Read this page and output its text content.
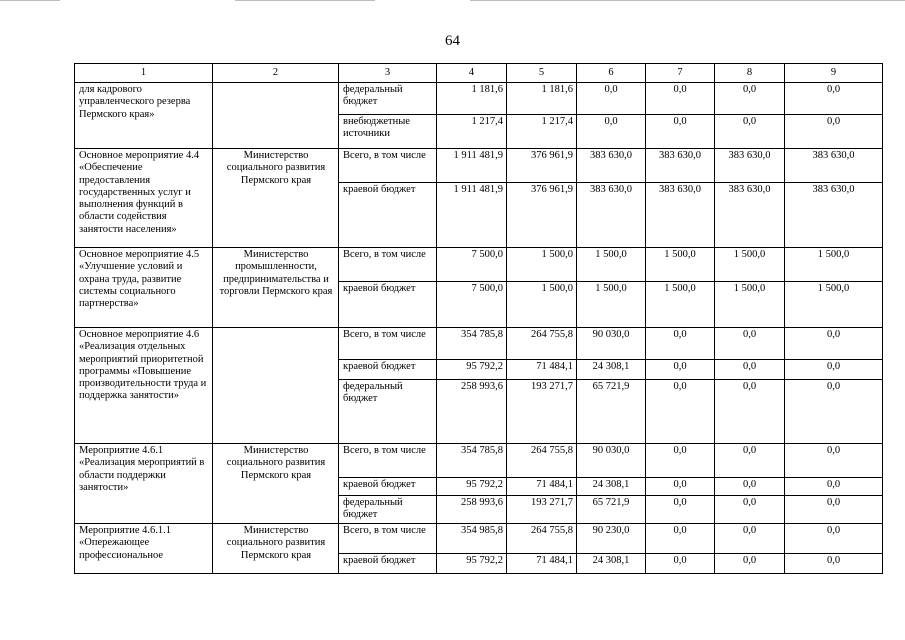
64
1	2	3	4	5	6	7	8	9
для кадрового управленческого резерва Пермского края»		федеральный бюджет	1 181,6	1 181,6	0,0	0,0	0,0	0,0
		внебюджетные источники	1 217,4	1 217,4	0,0	0,0	0,0	0,0
Основное мероприятие 4.4 «Обеспечение предоставления государственных услуг и выполнения функций в области содействия занятости населения»	Министерство социального развития Пермского края	Всего, в том числе	1 911 481,9	376 961,9	383 630,0	383 630,0	383 630,0	383 630,0
		краевой бюджет	1 911 481,9	376 961,9	383 630,0	383 630,0	383 630,0	383 630,0
Основное мероприятие 4.5 «Улучшение условий и охрана труда, развитие системы социального партнерства»	Министерство промышленности, предпринимательства и торговли Пермского края	Всего, в том числе	7 500,0	1 500,0	1 500,0	1 500,0	1 500,0	1 500,0
		краевой бюджет	7 500,0	1 500,0	1 500,0	1 500,0	1 500,0	1 500,0
Основное мероприятие 4.6 «Реализация отдельных мероприятий приоритетной программы «Повышение производительности труда и поддержка занятости»		Всего, в том числе	354 785,8	264 755,8	90 030,0	0,0	0,0	0,0
		краевой бюджет	95 792,2	71 484,1	24 308,1	0,0	0,0	0,0
		федеральный бюджет	258 993,6	193 271,7	65 721,9	0,0	0,0	0,0
Мероприятие 4.6.1 «Реализация мероприятий в области поддержки занятости»	Министерство социального развития Пермского края	Всего, в том числе	354 785,8	264 755,8	90 030,0	0,0	0,0	0,0
		краевой бюджет	95 792,2	71 484,1	24 308,1	0,0	0,0	0,0
		федеральный бюджет	258 993,6	193 271,7	65 721,9	0,0	0,0	0,0
Мероприятие 4.6.1.1 «Опережающее профессиональное	Министерство социального развития Пермского края	Всего, в том числе	354 985,8	264 755,8	90 230,0	0,0	0,0	0,0
		краевой бюджет	95 792,2	71 484,1	24 308,1	0,0	0,0	0,0
